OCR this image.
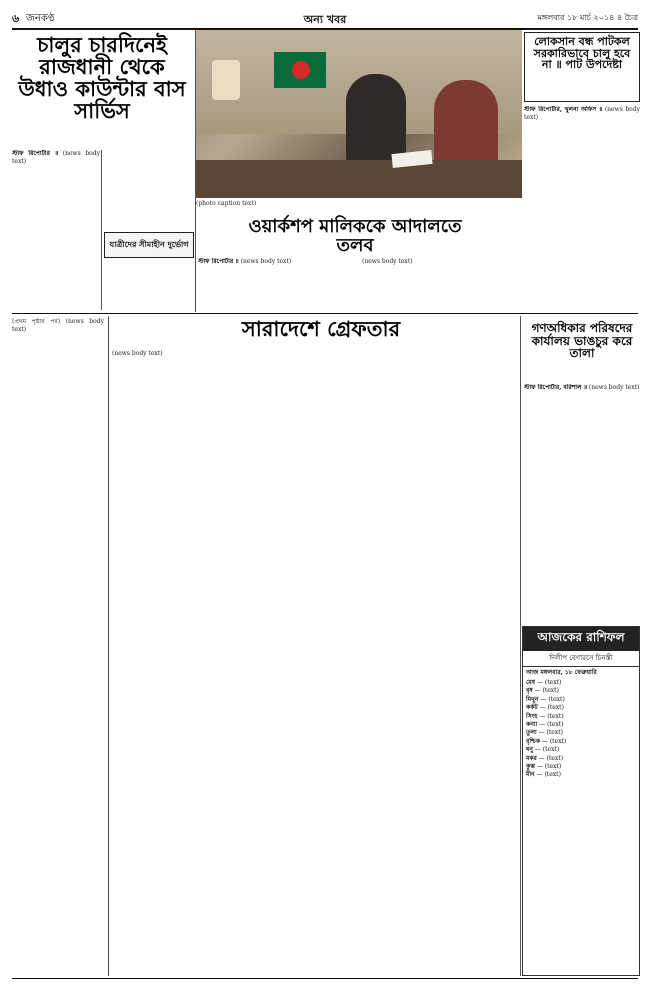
৬ জনকণ্ঠ	অন্য খবর	মঙ্গলবার ১৮ মার্চ ২০১৪ ৪ চৈত্র
চালুর চারদিনেই রাজধানী থেকে উধাও কাউন্টার বাস সার্ভিস
স্টাফ রিপোর্টার ॥ (news body text)
যাত্রীদের সীমাহীন দুর্ভোগ
(photo caption text)
ওয়ার্কশপ মালিককে আদালতে তলব
স্টাফ রিপোর্টার ॥ (news body text)	(news body text)
লোকসান বন্ধ পাটকল সরকারিভাবে চালু হবে না ॥ পাট উপদেষ্টা
স্টাফ রিপোর্টার, খুলনা অফিস ॥ (news body text)
সারাদেশে গ্রেফতার
(news body text)
(প্রথম পৃষ্ঠার পর) (news body text)	গণঅধিকার পরিষদের কার্যালয় ভাঙচুর করে তালা
স্টাফ রিপোর্টার, বরিশাল ॥ (news body text)
আজকের রাশিফল
দিলীপ বেণারসে চিনস্তী
আজ মঙ্গলবার, ১৮ ফেব্রুয়ারি
মেষ — (text)
বৃষ — (text)
মিথুন — (text)
কর্কট — (text)
সিংহ — (text)
কন্যা — (text)
তুলা — (text)
বৃশ্চিক — (text)
ধনু — (text)
মকর — (text)
কুম্ভ — (text)
মীন — (text)
